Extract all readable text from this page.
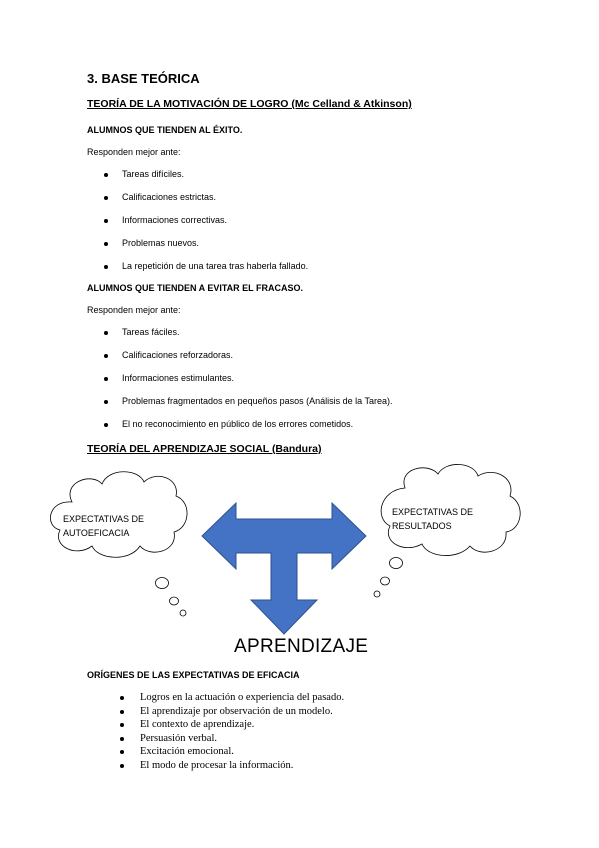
3. BASE TEÓRICA
TEORÍA DE LA MOTIVACIÓN DE LOGRO (Mc Celland & Atkinson)
ALUMNOS QUE TIENDEN AL ÉXITO.
Responden mejor ante:
Tareas difíciles.
Calificaciones estrictas.
Informaciones correctivas.
Problemas nuevos.
La repetición de una tarea tras haberla fallado.
ALUMNOS QUE TIENDEN A EVITAR EL FRACASO.
Responden mejor ante:
Tareas fáciles.
Calificaciones reforzadoras.
Informaciones estimulantes.
Problemas fragmentados en pequeños pasos (Análisis de la Tarea).
El no reconocimiento en público de los errores cometidos.
TEORÍA DEL APRENDIZAJE SOCIAL (Bandura)
EXPECTATIVAS DE
AUTOEFICACIA
EXPECTATIVAS DE
RESULTADOS
APRENDIZAJE
ORÍGENES DE LAS EXPECTATIVAS DE EFICACIA
Logros en la actuación o experiencia del pasado.
El aprendizaje por observación de un modelo.
El contexto de aprendizaje.
Persuasión verbal.
Excitación emocional.
El modo de procesar la información.
